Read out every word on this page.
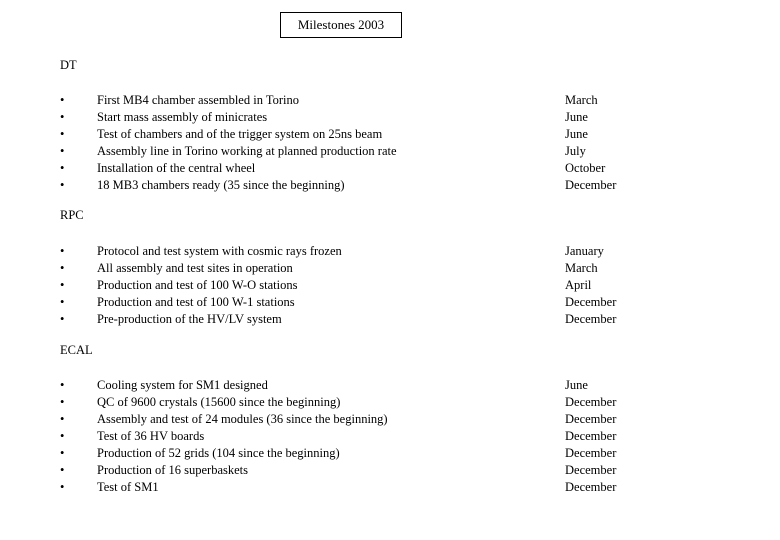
Milestones 2003
DT
•	First MB4 chamber assembled in Torino	March
•	Start mass assembly of minicrates	June
•	Test of chambers and of the trigger system on 25ns beam	June
•	Assembly line in Torino working at planned production rate	July
•	Installation of the central wheel	October
•	18 MB3 chambers ready (35 since the beginning)	December
RPC
•	Protocol and test system with cosmic rays frozen	January
•	All assembly and test sites in operation	March
•	Production and test of 100 W-O stations	April
•	Production and test of 100 W-1 stations	December
•	Pre-production of the HV/LV system	December
ECAL
•	Cooling system for SM1 designed	June
•	QC of 9600 crystals (15600 since the beginning)	December
•	Assembly and test of 24 modules (36 since the beginning)	December
•	Test of 36 HV boards	December
•	Production of 52 grids (104 since the beginning)	December
•	Production of 16 superbaskets	December
•	Test of SM1	December
